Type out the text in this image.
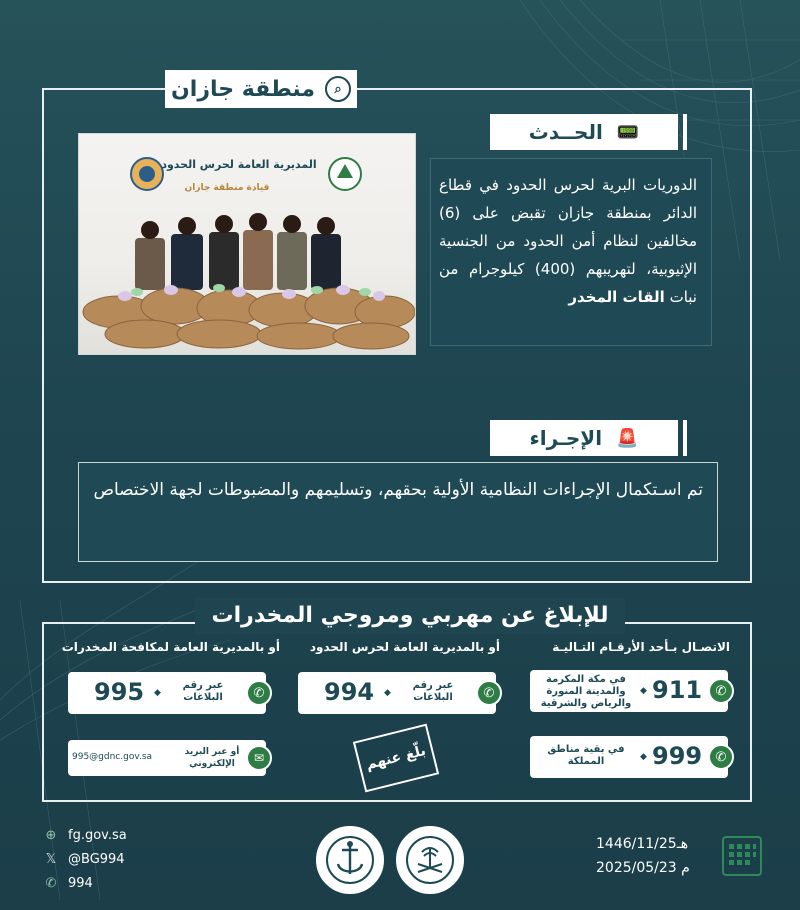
⌕
منطقة جازان
📟
الحــدث
الدوريات البرية لحرس الحدود في قطاع الدائر بمنطقة جازان تقبض على (6) مخالفين لنظام أمن الحدود من الجنسية الإثيوبية، لتهريبهم (400) كيلوجرام من نبات القات المخدر
المديرية العامة لحرس الحدود
قيادة منطقة جازان
🚨
الإجـراء
تم اسـتكمال الإجراءات النظامية الأولية بحقهم، وتسليمهم والمضبوطات لجهة الاختصاص
للإبلاغ عن مهربي ومروجي المخدرات
الاتصـال بـأحد الأرقـام التـاليـة
✆
911
◆
في مكة المكرمة والمدينة المنورة والرياض والشرقية
✆
999
◆
في بقية مناطق المملكة
أو بالمديرية العامة لحرس الحدود
✆
عبر رقم البلاغات
◆
994
بلّغ عنهم
أو بالمديرية العامة لمكافحة المخدرات
✆
عبر رقم البلاغات
◆
995
✉
أو عبر البريد الإلكتروني
995@gdnc.gov.sa
⊕ fg.gov.sa
𝕏 @BG994
✆ 994
1446/11/25هـ
2025/05/23 م
